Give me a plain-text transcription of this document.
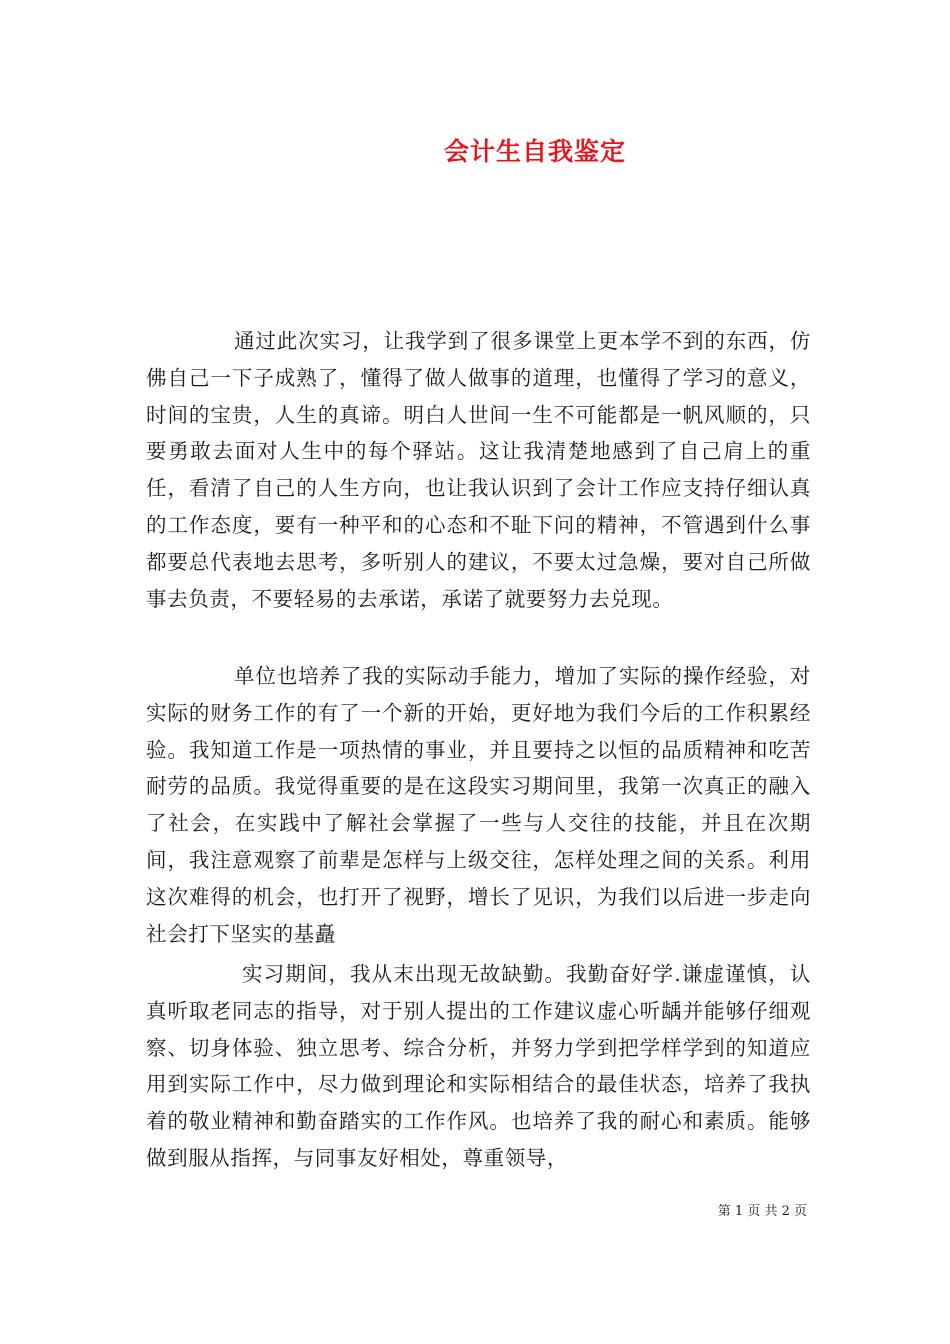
会计生自我鉴定

通过此次实习，让我学到了很多课堂上更本学不到的东西，仿佛自己一下子成熟了，懂得了做人做事的道理，也懂得了学习的意义，时间的宝贵，人生的真谛。明白人世间一生不可能都是一帆风顺的，只要勇敢去面对人生中的每个驿站。这让我清楚地感到了自己肩上的重任，看清了自己的人生方向，也让我认识到了会计工作应支持仔细认真的工作态度，要有一种平和的心态和不耻下问的精神，不管遇到什么事都要总代表地去思考，多听别人的建议，不要太过急燥，要对自己所做事去负责，不要轻易的去承诺，承诺了就要努力去兑现。

单位也培养了我的实际动手能力，增加了实际的操作经验，对实际的财务工作的有了一个新的开始，更好地为我们今后的工作积累经验。我知道工作是一项热情的事业，并且要持之以恒的品质精神和吃苦耐劳的品质。我觉得重要的是在这段实习期间里，我第一次真正的融入了社会，在实践中了解社会掌握了一些与人交往的技能，并且在次期间，我注意观察了前辈是怎样与上级交往，怎样处理之间的关系。利用这次难得的机会，也打开了视野，增长了见识，为我们以后进一步走向社会打下坚实的基矗

实习期间，我从末出现无故缺勤。我勤奋好学.谦虚谨慎，认真听取老同志的指导，对于别人提出的工作建议虚心听龋并能够仔细观察、切身体验、独立思考、综合分析，并努力学到把学样学到的知道应用到实际工作中，尽力做到理论和实际相结合的最佳状态，培养了我执着的敬业精神和勤奋踏实的工作作风。也培养了我的耐心和素质。能够做到服从指挥，与同事友好相处，尊重领导，

第 1 页 共 2 页
